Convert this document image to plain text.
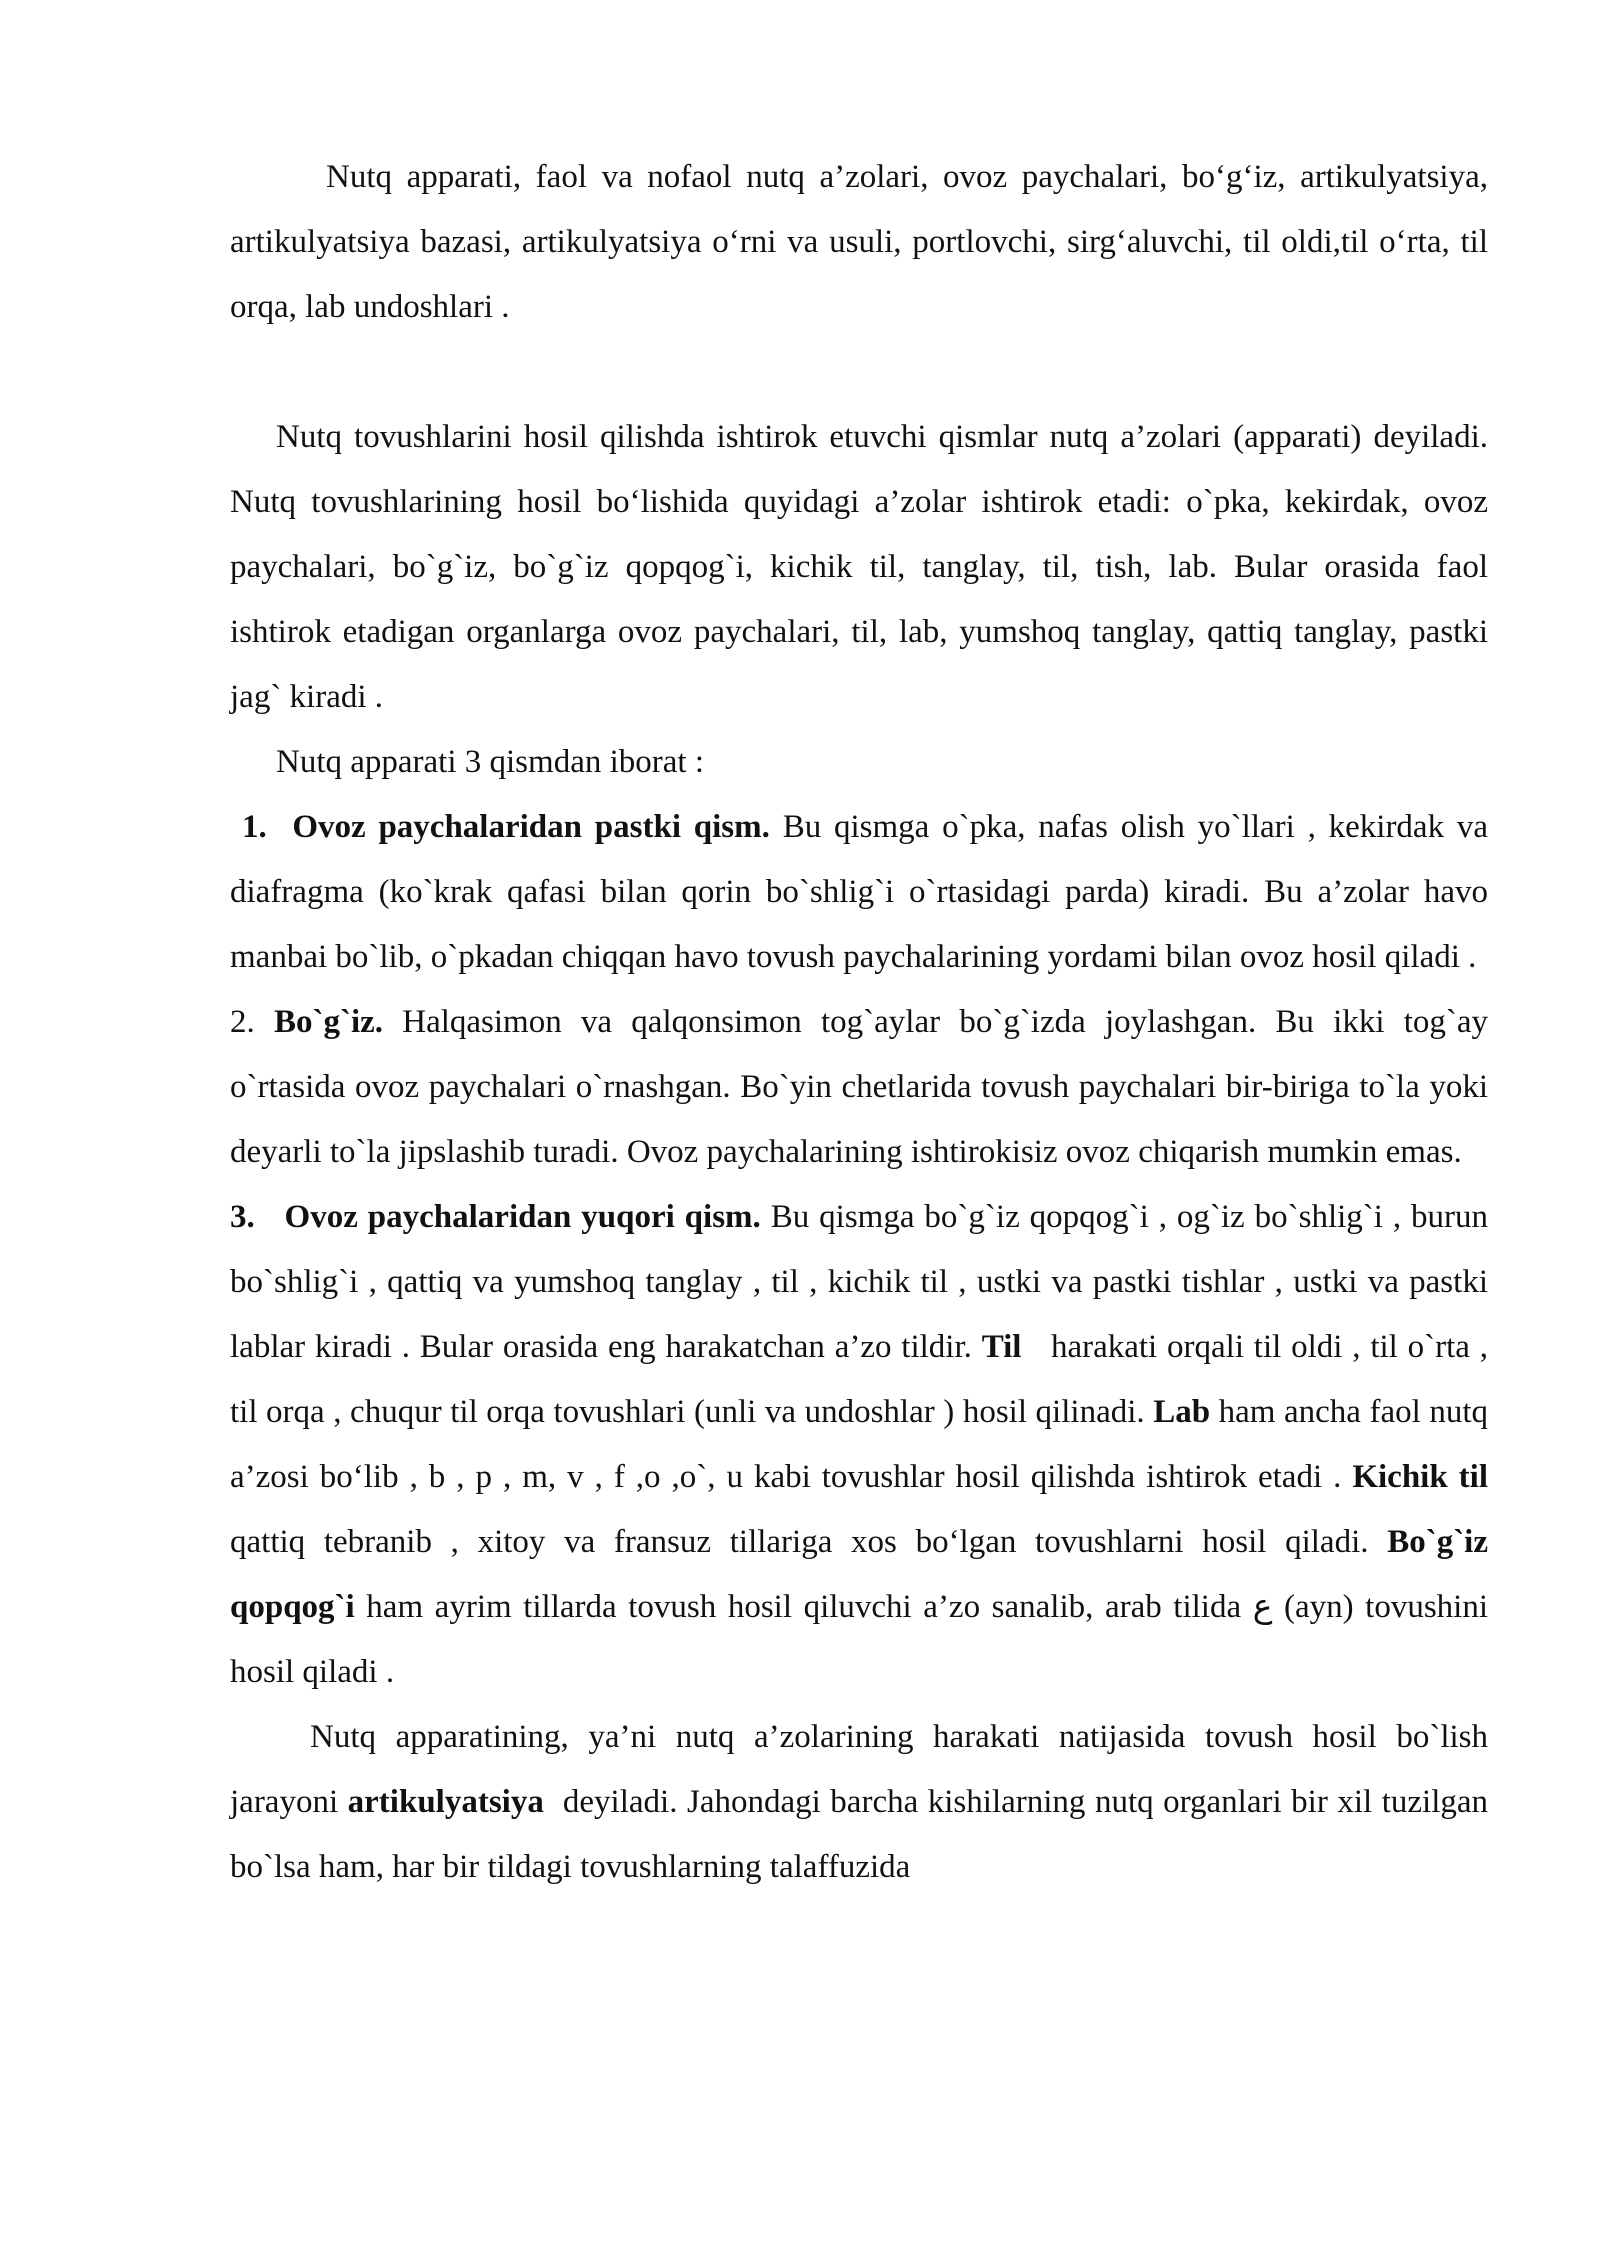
Nutq apparati, faol va nofaol nutq a’zolari, ovoz paychalari, bo‘g‘iz, artikulyatsiya, artikulyatsiya bazasi, artikulyatsiya o‘rni va usuli, portlovchi, sirg‘aluvchi, til oldi,til o‘rta, til orqa, lab undoshlari .

Nutq tovushlarini hosil qilishda ishtirok etuvchi qismlar nutq a’zolari (apparati) deyiladi. Nutq tovushlarining hosil bo‘lishida quyidagi a’zolar ishtirok etadi: o`pka, kekirdak, ovoz paychalari, bo`g`iz, bo`g`iz qopqog`i, kichik til, tanglay, til, tish, lab. Bular orasida faol ishtirok etadigan organlarga ovoz paychalari, til, lab, yumshoq tanglay, qattiq tanglay, pastki jag` kiradi .

Nutq apparati 3 qismdan iborat :

1. Ovoz paychalaridan pastki qism. Bu qismga o`pka, nafas olish yo`llari , kekirdak va diafragma (ko`krak qafasi bilan qorin bo`shlig`i o`rtasidagi parda) kiradi. Bu a’zolar havo manbai bo`lib, o`pkadan chiqqan havo tovush paychalarining yordami bilan ovoz hosil qiladi .

2. Bo`g`iz. Halqasimon va qalqonsimon tog`aylar bo`g`izda joylashgan. Bu ikki tog`ay o`rtasida ovoz paychalari o`rnashgan. Bo`yin chetlarida tovush paychalari bir-biriga to`la yoki deyarli to`la jipslashib turadi. Ovoz paychalarining ishtirokisiz ovoz chiqarish mumkin emas.

3. Ovoz paychalaridan yuqori qism. Bu qismga bo`g`iz qopqog`i , og`iz bo`shlig`i , burun bo`shlig`i , qattiq va yumshoq tanglay , til , kichik til , ustki va pastki tishlar , ustki va pastki lablar kiradi . Bular orasida eng harakatchan a’zo tildir. Til harakati orqali til oldi , til o`rta , til orqa , chuqur til orqa tovushlari (unli va undoshlar ) hosil qilinadi. Lab ham ancha faol nutq a’zosi bo‘lib , b , p , m, v , f ,o ,o`, u kabi tovushlar hosil qilishda ishtirok etadi . Kichik til qattiq tebranib , xitoy va fransuz tillariga xos bo‘lgan tovushlarni hosil qiladi. Bo`g`iz qopqog`i ham ayrim tillarda tovush hosil qiluvchi a’zo sanalib, arab tilida ع (ayn) tovushini hosil qiladi .

Nutq apparatining, ya’ni nutq a’zolarining harakati natijasida tovush hosil bo`lish jarayoni artikulyatsiya deyiladi. Jahondagi barcha kishilarning nutq organlari bir xil tuzilgan bo`lsa ham, har bir tildagi tovushlarning talaffuzida
